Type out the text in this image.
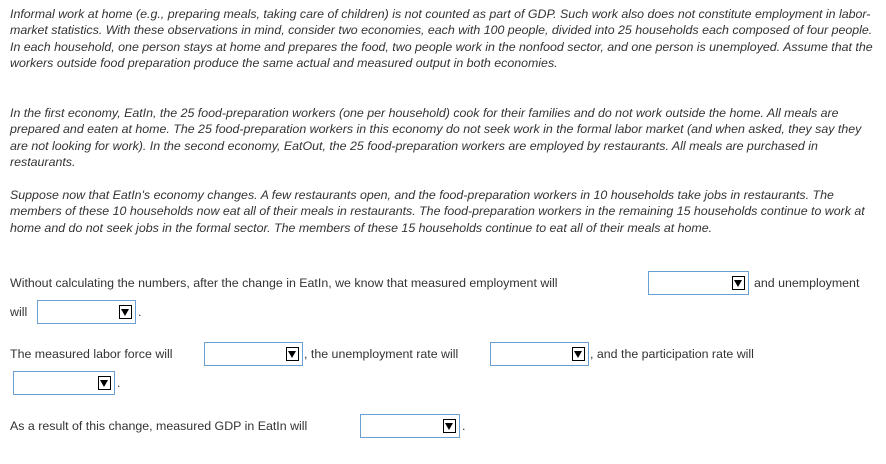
Informal work at home (e.g., preparing meals, taking care of children) is not counted as part of GDP. Such work also does not constitute employment in labor-market statistics. With these observations in mind, consider two economies, each with 100 people, divided into 25 households each composed of four people. In each household, one person stays at home and prepares the food, two people work in the nonfood sector, and one person is unemployed. Assume that the workers outside food preparation produce the same actual and measured output in both economies.

In the first economy, EatIn, the 25 food-preparation workers (one per household) cook for their families and do not work outside the home. All meals are prepared and eaten at home. The 25 food-preparation workers in this economy do not seek work in the formal labor market (and when asked, they say they are not looking for work). In the second economy, EatOut, the 25 food-preparation workers are employed by restaurants. All meals are purchased in restaurants.

Suppose now that EatIn's economy changes. A few restaurants open, and the food-preparation workers in 10 households take jobs in restaurants. The members of these 10 households now eat all of their meals in restaurants. The food-preparation workers in the remaining 15 households continue to work at home and do not seek jobs in the formal sector. The members of these 15 households continue to eat all of their meals at home.

Without calculating the numbers, after the change in EatIn, we know that measured employment will	and unemployment
will	.
The measured labor force will	, the unemployment rate will	, and the participation rate will
.
As a result of this change, measured GDP in EatIn will	.
